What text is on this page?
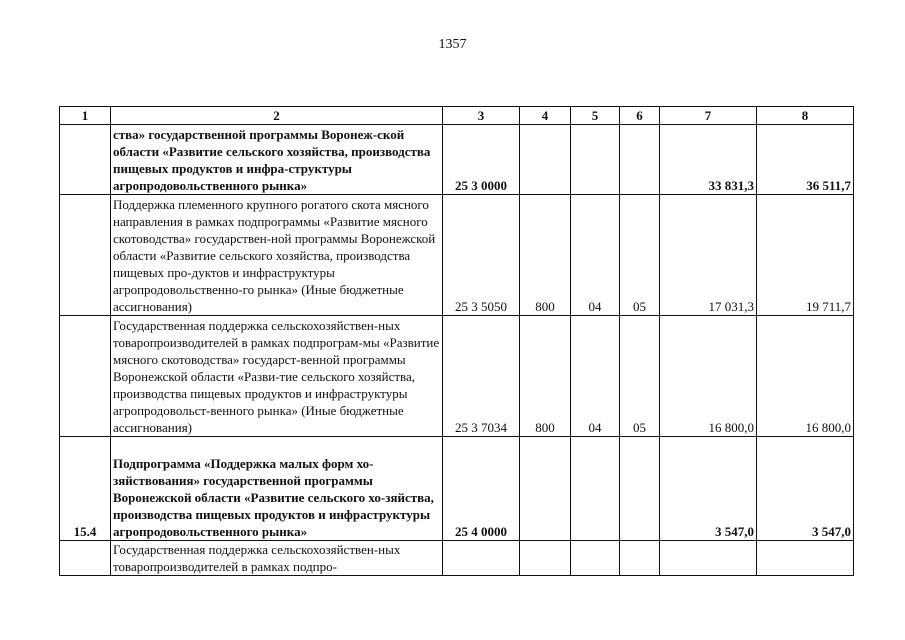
1357
1	2	3	4	5	6	7	8
	ства» государственной программы Воронеж-ской области «Развитие сельского хозяйства, производства пищевых продуктов и инфра-структуры агропродовольственного рынка»	25 3 0000				33 831,3	36 511,7
	Поддержка племенного крупного рогатого скота мясного направления в рамках подпрограммы «Развитие мясного скотоводства» государствен-ной программы Воронежской области «Развитие сельского хозяйства, производства пищевых про-дуктов и инфраструктуры агропродовольственно-го рынка» (Иные бюджетные ассигнования)	25 3 5050	800	04	05	17 031,3	19 711,7
	Государственная поддержка сельскохозяйствен-ных товаропроизводителей в рамках подпрограм-мы «Развитие мясного скотоводства» государст-венной программы Воронежской области «Разви-тие сельского хозяйства, производства пищевых продуктов и инфраструктуры агропродовольст-венного рынка» (Иные бюджетные ассигнования)	25 3 7034	800	04	05	16 800,0	16 800,0
15.4	Подпрограмма «Поддержка малых форм хо-зяйствования» государственной программы Воронежской области «Развитие сельского хо-зяйства, производства пищевых продуктов и инфраструктуры агропродовольственного рынка»	25 4 0000				3 547,0	3 547,0
	Государственная поддержка сельскохозяйствен-ных товаропроизводителей в рамках подпро-						
